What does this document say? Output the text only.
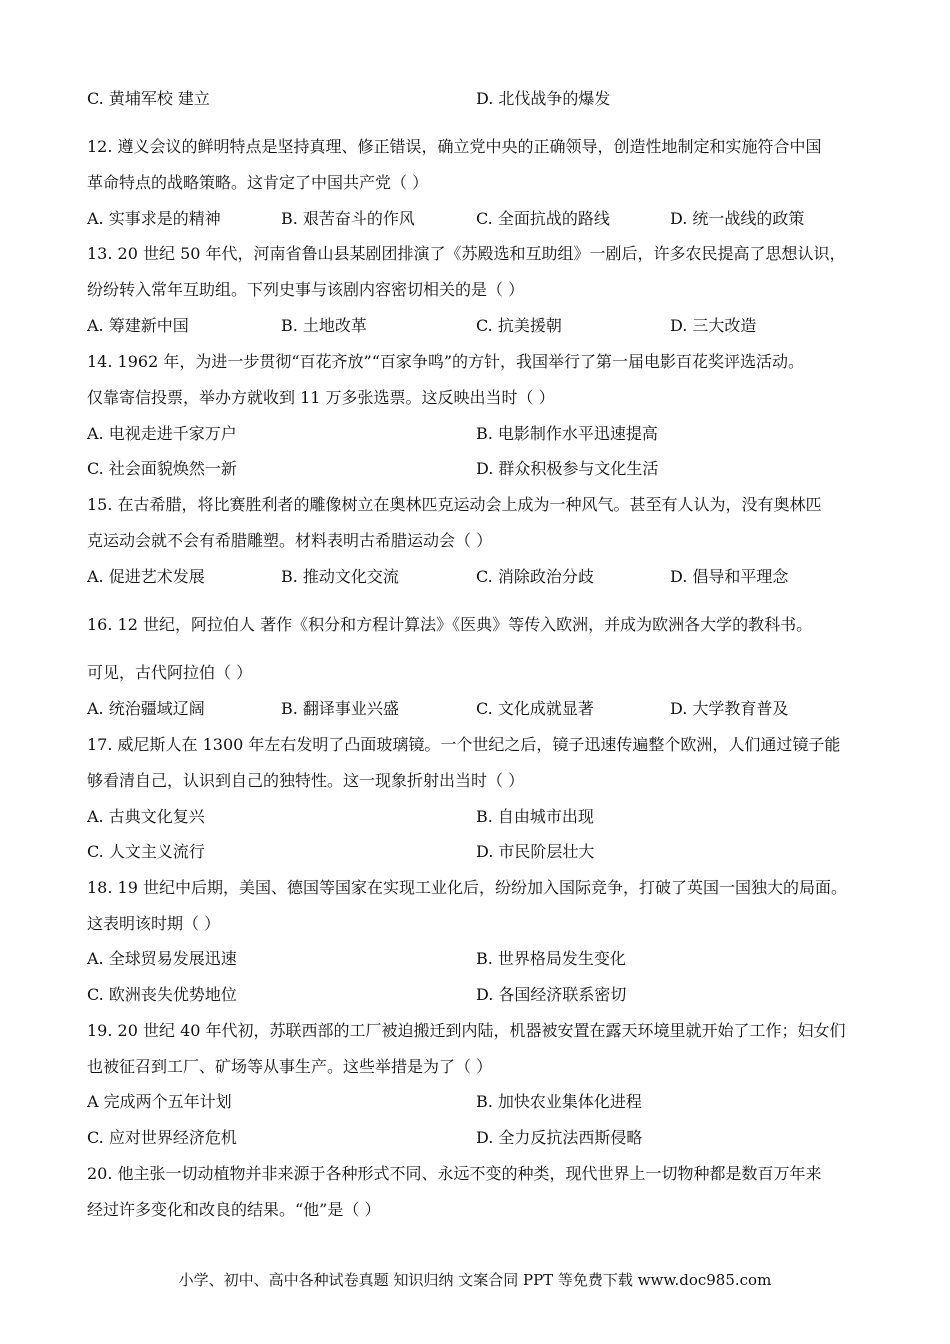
C. 黄埔军校 建立	D. 北伐战争的爆发
12. 遵义会议的鲜明特点是坚持真理、修正错误，确立党中央的正确领导，创造性地制定和实施符合中国
革命特点的战略策略。这肯定了中国共产党（ ）
A. 实事求是的精神	B. 艰苦奋斗的作风	C. 全面抗战的路线	D. 统一战线的政策
13. 20 世纪 50 年代，河南省鲁山县某剧团排演了《苏殿选和互助组》一剧后，许多农民提高了思想认识，
纷纷转入常年互助组。下列史事与该剧内容密切相关的是（ ）
A. 筹建新中国	B. 土地改革	C. 抗美援朝	D. 三大改造
14. 1962 年，为进一步贯彻“百花齐放”“百家争鸣”的方针，我国举行了第一届电影百花奖评选活动。
仅靠寄信投票，举办方就收到 11 万多张选票。这反映出当时（ ）
A. 电视走进千家万户	B. 电影制作水平迅速提高
C. 社会面貌焕然一新	D. 群众积极参与文化生活
15. 在古希腊，将比赛胜利者的雕像树立在奥林匹克运动会上成为一种风气。甚至有人认为，没有奥林匹
克运动会就不会有希腊雕塑。材料表明古希腊运动会（ ）
A. 促进艺术发展	B. 推动文化交流	C. 消除政治分歧	D. 倡导和平理念
16. 12 世纪，阿拉伯人 著作《积分和方程计算法》《医典》等传入欧洲，并成为欧洲各大学的教科书。
可见，古代阿拉伯（ ）
A. 统治疆域辽阔	B. 翻译事业兴盛	C. 文化成就显著	D. 大学教育普及
17. 威尼斯人在 1300 年左右发明了凸面玻璃镜。一个世纪之后，镜子迅速传遍整个欧洲，人们通过镜子能
够看清自己，认识到自己的独特性。这一现象折射出当时（ ）
A. 古典文化复兴	B. 自由城市出现
C. 人文主义流行	D. 市民阶层壮大
18. 19 世纪中后期，美国、德国等国家在实现工业化后，纷纷加入国际竞争，打破了英国一国独大的局面。
这表明该时期（ ）
A. 全球贸易发展迅速	B. 世界格局发生变化
C. 欧洲丧失优势地位	D. 各国经济联系密切
19. 20 世纪 40 年代初，苏联西部的工厂被迫搬迁到内陆，机器被安置在露天环境里就开始了工作；妇女们
也被征召到工厂、矿场等从事生产。这些举措是为了（ ）
A 完成两个五年计划	B. 加快农业集体化进程
C. 应对世界经济危机	D. 全力反抗法西斯侵略
20. 他主张一切动植物并非来源于各种形式不同、永远不变的种类，现代世界上一切物种都是数百万年来
经过许多变化和改良的结果。“他”是（ ）
小学、初中、高中各种试卷真题 知识归纳 文案合同 PPT 等免费下载 www.doc985.com
